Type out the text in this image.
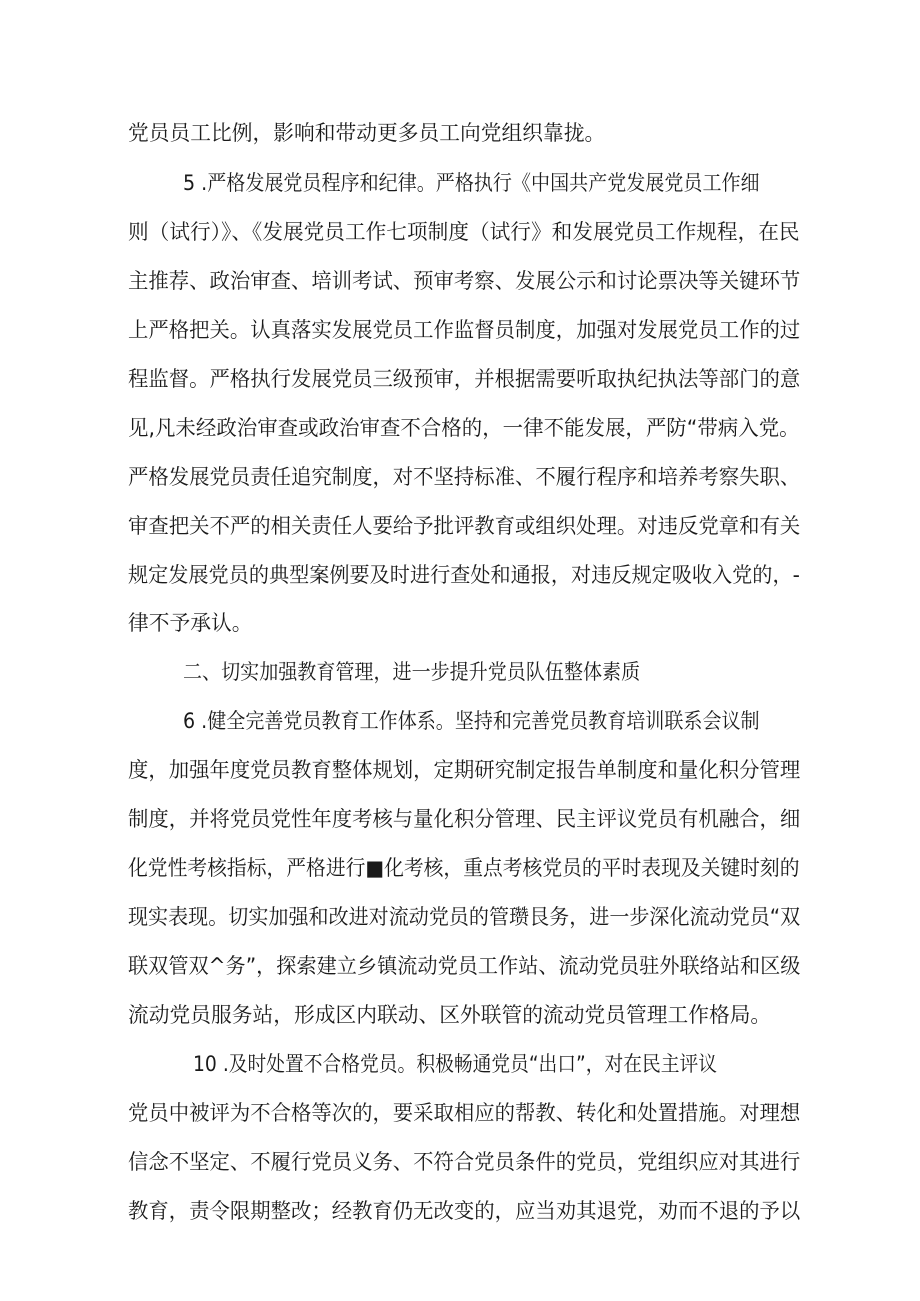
党员员工比例，影响和带动更多员工向党组织靠拢。
5 .严格发展党员程序和纪律。严格执行《中国共产党发展党员工作细
则（试行）》、《发展党员工作七项制度（试行》和发展党员工作规程，在民
主推荐、政治审查、培训考试、预审考察、发展公示和讨论票决等关键环节
上严格把关。认真落实发展党员工作监督员制度，加强对发展党员工作的过
程监督。严格执行发展党员三级预审，并根据需要听取执纪执法等部门的意
见,凡未经政治审查或政治审查不合格的，一律不能发展，严防“带病入党。
严格发展党员责任追究制度，对不坚持标准、不履行程序和培养考察失职、
审查把关不严的相关责任人要给予批评教育或组织处理。对违反党章和有关
规定发展党员的典型案例要及时进行查处和通报，对违反规定吸收入党的，-
律不予承认。
二、切实加强教育管理，进一步提升党员队伍整体素质
6 .健全完善党员教育工作体系。坚持和完善党员教育培训联系会议制
度，加强年度党员教育整体规划，定期研究制定报告单制度和量化积分管理
制度，并将党员党性年度考核与量化积分管理、民主评议党员有机融合，细
化党性考核指标，严格进行■化考核，重点考核党员的平时表现及关键时刻的
现实表现。切实加强和改进对流动党员的管瓒艮务，进一步深化流动党员“双
联双管双^务”，探索建立乡镇流动党员工作站、流动党员驻外联络站和区级
流动党员服务站，形成区内联动、区外联管的流动党员管理工作格局。
10 .及时处置不合格党员。积极畅通党员“出口”，对在民主评议
党员中被评为不合格等次的，要采取相应的帮教、转化和处置措施。对理想
信念不坚定、不履行党员义务、不符合党员条件的党员，党组织应对其进行
教育，责令限期整改；经教育仍无改变的，应当劝其退党，劝而不退的予以
